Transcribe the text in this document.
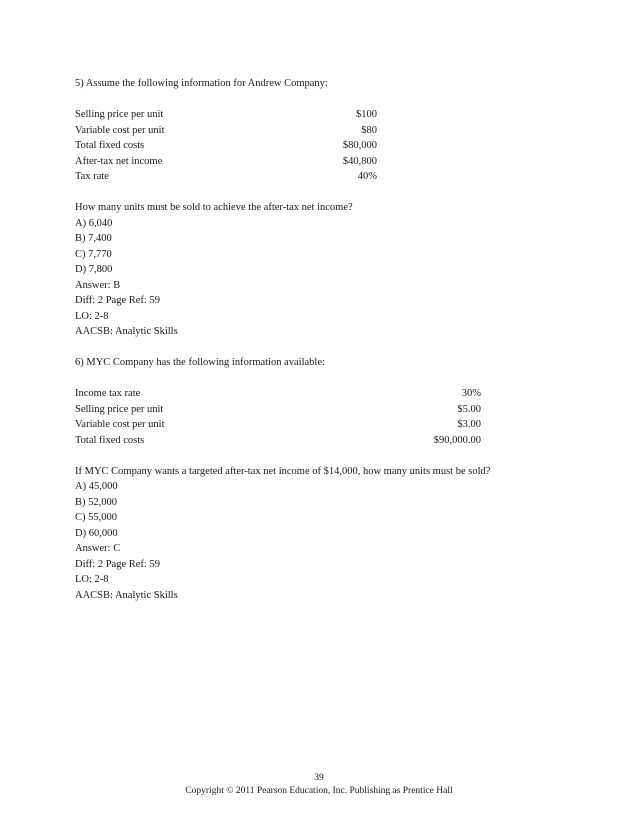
5) Assume the following information for Andrew Company:
Selling price per unit	$100
Variable cost per unit	$80
Total fixed costs	$80,000
After-tax net income	$40,800
Tax rate	40%
How many units must be sold to achieve the after-tax net income?
A) 6,040
B) 7,400
C) 7,770
D) 7,800
Answer: B
Diff: 2 Page Ref: 59
LO: 2-8
AACSB: Analytic Skills
6) MYC Company has the following information available:
Income tax rate	30%
Selling price per unit	$5.00
Variable cost per unit	$3.00
Total fixed costs	$90,000.00
If MYC Company wants a targeted after-tax net income of $14,000, how many units must be sold?
A) 45,000
B) 52,000
C) 55,000
D) 60,000
Answer: C
Diff: 2 Page Ref: 59
LO: 2-8
AACSB: Analytic Skills
39
Copyright © 2011 Pearson Education, Inc. Publishing as Prentice Hall
